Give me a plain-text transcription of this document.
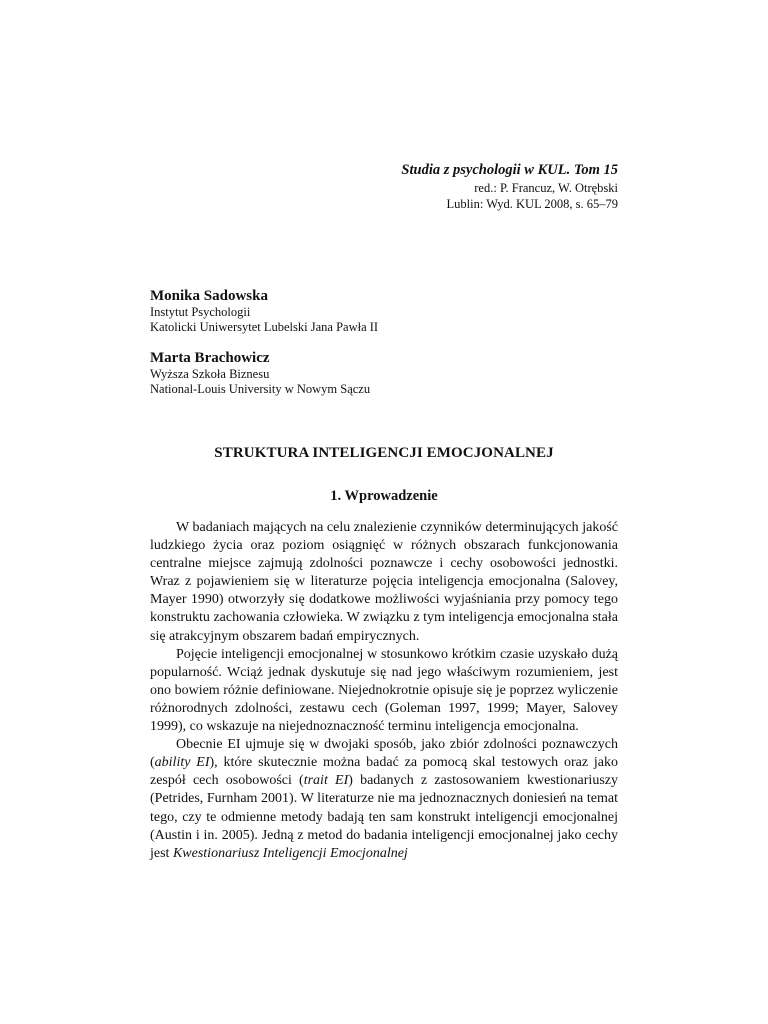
Studia z psychologii w KUL. Tom 15
red.: P. Francuz, W. Otrębski
Lublin: Wyd. KUL 2008, s. 65–79
Monika Sadowska
Instytut Psychologii
Katolicki Uniwersytet Lubelski Jana Pawła II
Marta Brachowicz
Wyższa Szkoła Biznesu
National-Louis University w Nowym Sączu
STRUKTURA INTELIGENCJI EMOCJONALNEJ
1. Wprowadzenie

W badaniach mających na celu znalezienie czynników determinujących jakość ludzkiego życia oraz poziom osiągnięć w różnych obszarach funkcjonowania centralne miejsce zajmują zdolności poznawcze i cechy osobowości jednostki. Wraz z pojawieniem się w literaturze pojęcia inteligencja emocjonalna (Salovey, Mayer 1990) otworzyły się dodatkowe możliwości wyjaśniania przy pomocy tego konstruktu zachowania człowieka. W związku z tym inteligencja emocjonalna stała się atrakcyjnym obszarem badań empirycznych.

Pojęcie inteligencji emocjonalnej w stosunkowo krótkim czasie uzyskało dużą popularność. Wciąż jednak dyskutuje się nad jego właściwym rozumieniem, jest ono bowiem różnie definiowane. Niejednokrotnie opisuje się je poprzez wyliczenie różnorodnych zdolności, zestawu cech (Goleman 1997, 1999; Mayer, Salovey 1999), co wskazuje na niejednoznaczność terminu inteligencja emocjonalna.

Obecnie EI ujmuje się w dwojaki sposób, jako zbiór zdolności poznawczych (ability EI), które skutecznie można badać za pomocą skal testowych oraz jako zespół cech osobowości (trait EI) badanych z zastosowaniem kwestionariuszy (Petrides, Furnham 2001). W literaturze nie ma jednoznacznych doniesień na temat tego, czy te odmienne metody badają ten sam konstrukt inteligencji emocjonalnej (Austin i in. 2005). Jedną z metod do badania inteligencji emocjonalnej jako cechy jest Kwestionariusz Inteligencji Emocjonalnej
